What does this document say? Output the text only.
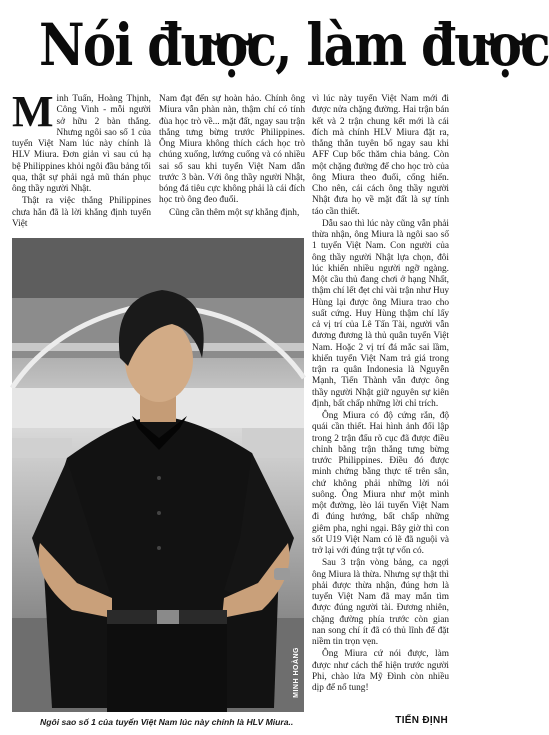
Nói được, làm được

Minh Tuấn, Hoàng Thịnh, Công Vinh - mỗi người sở hữu 2 bàn thắng. Nhưng ngôi sao số 1 của tuyển Việt Nam lúc này chính là HLV Miura. Đơn giản vì sau cú hạ bệ Philippines khỏi ngôi đầu bảng tối qua, thật sự phải ngả mũ thán phục ông thầy người Nhật.

Thật ra việc thắng Philippines chưa hẳn đã là lời khẳng định tuyển Việt

Nam đạt đến sự hoàn hảo. Chính ông Miura vẫn phàn nàn, thậm chí có tính đùa học trò về... mặt đất, ngay sau trận thắng tưng bừng trước Philippines. Ông Miura không thích cách học trò chúng xuống, lướng cuống và có nhiều sai số sau khi tuyển Việt Nam dẫn trước 3 bàn. Với ông thầy người Nhật, bóng đá tiêu cực không phải là cái đích học trò ông đeo đuổi.

Cũng cần thêm một sự khẳng định,

vì lúc này tuyển Việt Nam mới đi được nửa chặng đường. Hai trận bán kết và 2 trận chung kết mới là cái đích mà chính HLV Miura đặt ra, thẳng thắn tuyên bố ngay sau khi AFF Cup bốc thăm chia bảng. Còn một chặng đường để cho học trò của ông Miura theo đuổi, cống hiến. Cho nên, cái cách ông thầy người Nhật đưa họ về mặt đất là sự tính táo cần thiết.

Dẫu sao thì lúc này cũng vẫn phải thừa nhận, ông Miura là ngôi sao số 1 tuyển Việt Nam. Con người của ông thầy người Nhật lựa chọn, đôi lúc khiến nhiều người ngỡ ngàng. Một cầu thủ đang chơi ở hạng Nhất, thậm chí lết đẹt chỉ vài trận như Huy Hùng lại được ông Miura trao cho suất cứng. Huy Hùng thậm chí lấy cả vị trí của Lê Tấn Tài, người vẫn đương đương là thủ quân tuyển Việt Nam. Hoặc 2 vị trí đá mắc sai lầm, khiến tuyển Việt Nam trả giá trong trận ra quân Indonesia là Nguyễn Mạnh, Tiến Thành vẫn được ông thầy người Nhật giữ nguyên sự kiên định, bất chấp những lời chỉ trích.

Ông Miura có độ cứng rắn, độ quái cần thiết. Hai hình ảnh đối lập trong 2 trận đấu rõ cục đã được điều chỉnh bằng trận thắng tưng bừng trước Philippines. Điều đó được minh chứng bằng thực tế trên sân, chứ không phải những lời nói suông. Ông Miura như một mình một đường, lèo lái tuyển Việt Nam đi đúng hướng, bất chấp những giêm pha, nghi ngại. Bây giờ thì con sốt U19 Việt Nam có lẽ đã nguội và trở lại với đúng trật tự vốn có.

Sau 3 trận vòng bảng, ca ngợi ông Miura là thừa. Nhưng sự thật thì phải được thừa nhận, đúng hơn là tuyển Việt Nam đã may mắn tìm được đúng người tài. Đương nhiên, chặng đường phía trước còn gian nan song chí ít đã có thủ lĩnh để đặt niềm tin trọn vẹn.

Ông Miura cứ nói được, làm được như cách thể hiện trước người Phi, chào lửa Mỹ Đình còn nhiều dịp để nổ tung!

MINH HOÀNG
Ngôi sao số 1 của tuyển Việt Nam lúc này chính là HLV Miura..	TIẾN ĐỊNH
